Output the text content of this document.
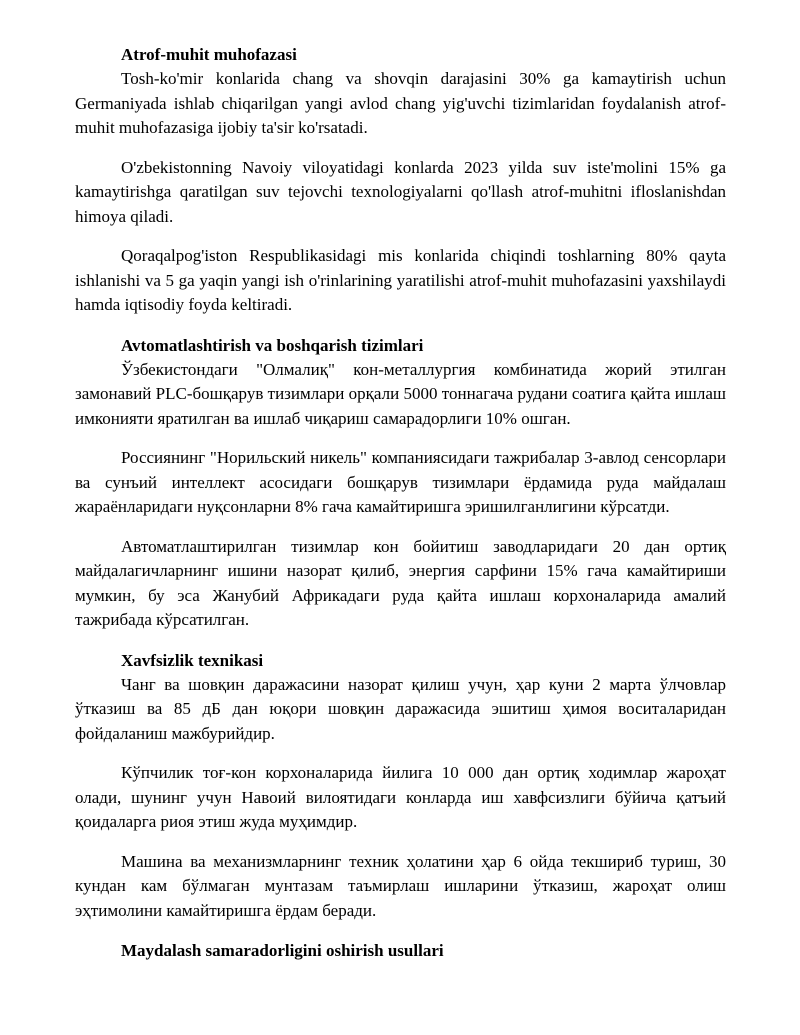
Atrof-muhit muhofazasi

Tosh-ko'mir konlarida chang va shovqin darajasini 30% ga kamaytirish uchun Germaniyada ishlab chiqarilgan yangi avlod chang yig'uvchi tizimlaridan foydalanish atrof-muhit muhofazasiga ijobiy ta'sir ko'rsatadi.

O'zbekistonning Navoiy viloyatidagi konlarda 2023 yilda suv iste'molini 15% ga kamaytirishga qaratilgan suv tejovchi texnologiyalarni qo'llash atrof-muhitni ifloslanishdan himoya qiladi.

Qoraqalpog'iston Respublikasidagi mis konlarida chiqindi toshlarning 80% qayta ishlanishi va 5 ga yaqin yangi ish o'rinlarining yaratilishi atrof-muhit muhofazasini yaxshilaydi hamda iqtisodiy foyda keltiradi.

Avtomatlashtirish va boshqarish tizimlari

Ўзбекистондаги "Олмалиқ" кон-металлургия комбинатида жорий этилган замонавий PLC-бошқарув тизимлари орқали 5000 тоннагача рудани соатига қайта ишлаш имконияти яратилган ва ишлаб чиқариш самарадорлиги 10% ошган.

Россиянинг "Норильский никель" компаниясидаги тажрибалар 3-авлод сенсорлари ва сунъий интеллект асосидаги бошқарув тизимлари ёрдамида руда майдалаш жараёнларидаги нуқсонларни 8% гача камайтиришга эришилганлигини кўрсатди.

Автоматлаштирилган тизимлар кон бойитиш заводларидаги 20 дан ортиқ майдалагичларнинг ишини назорат қилиб, энергия сарфини 15% гача камайтириши мумкин, бу эса Жанубий Африкадаги руда қайта ишлаш корхоналарида амалий тажрибада кўрсатилган.

Xavfsizlik texnikasi

Чанг ва шовқин даражасини назорат қилиш учун, ҳар куни 2 марта ўлчовлар ўтказиш ва 85 дБ дан юқори шовқин даражасида эшитиш ҳимоя воситаларидан фойдаланиш мажбурийдир.

Кўпчилик тоғ-кон корхоналарида йилига 10 000 дан ортиқ ходимлар жароҳат олади, шунинг учун Навоий вилоятидаги конларда иш хавфсизлиги бўйича қатъий қоидаларга риоя этиш жуда муҳимдир.

Машина ва механизмларнинг техник ҳолатини ҳар 6 ойда текшириб туриш, 30 кундан кам бўлмаган мунтазам таъмирлаш ишларини ўтказиш, жароҳат олиш эҳтимолини камайтиришга ёрдам беради.

Maydalash samaradorligini oshirish usullari
